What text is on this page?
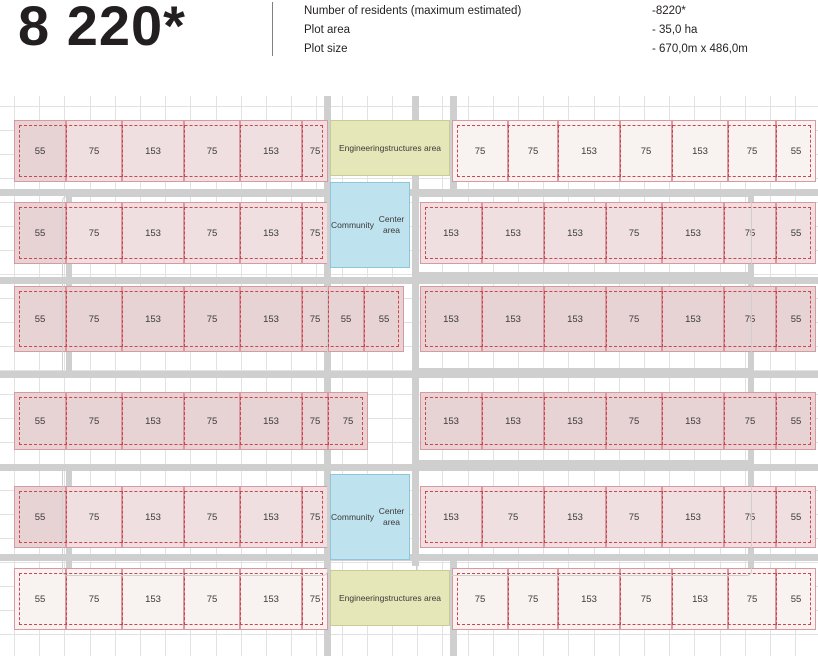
8 220*	Number of residents (maximum estimated)	-8220*
Plot area	- 35,0 ha
Plot size	- 670,0m x 486,0m
55	75	153	75	153	75	75	75	153	75	153	75	55
55	75	153	75	153	75	153	153	153	75	153	75	55
55	75	153	75	153	75	55	55	153	153	153	75	153	75	55
55	75	153	75	153	75	75	153	153	153	75	153	75	55
55	75	153	75	153	75	153	75	153	75	153	75	55
55	75	153	75	153	75	75	75	153	75	153	75	55
Engineering structures area
Community

Center area
Community

Center area
Engineering structures area
